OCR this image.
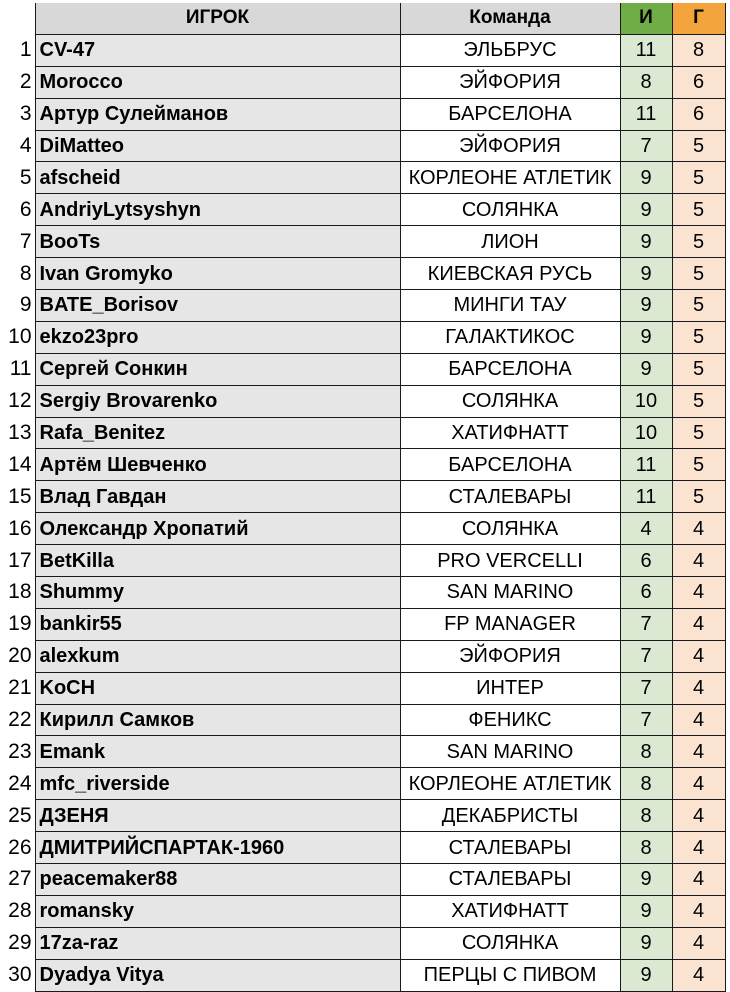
	ИГРОК	Команда	И	Г
1	CV-47	ЭЛЬБРУС	11	8
2	Morocco	ЭЙФОРИЯ	8	6
3	Артур Сулейманов	БАРСЕЛОНА	11	6
4	DiMatteo	ЭЙФОРИЯ	7	5
5	afscheid	КОРЛЕОНЕ АТЛЕТИК	9	5
6	AndriyLytsyshyn	СОЛЯНКА	9	5
7	BooTs	ЛИОН	9	5
8	Ivan Gromyko	КИЕВСКАЯ РУСЬ	9	5
9	BATE_Borisov	МИНГИ ТАУ	9	5
10	ekzo23pro	ГАЛАКТИКОС	9	5
11	Сергей Сонкин	БАРСЕЛОНА	9	5
12	Sergiy Brovarenko	СОЛЯНКА	10	5
13	Rafa_Benitez	ХАТИФНАТТ	10	5
14	Артём Шевченко	БАРСЕЛОНА	11	5
15	Влад Гавдан	СТАЛЕВАРЫ	11	5
16	Олександр Хропатий	СОЛЯНКА	4	4
17	BetKilla	PRO VERCELLI	6	4
18	Shummy	SAN MARINO	6	4
19	bankir55	FP MANAGER	7	4
20	alexkum	ЭЙФОРИЯ	7	4
21	KoCH	ИНТЕР	7	4
22	Кирилл Самков	ФЕНИКС	7	4
23	Emank	SAN MARINO	8	4
24	mfc_riverside	КОРЛЕОНЕ АТЛЕТИК	8	4
25	ДЗЕНЯ	ДЕКАБРИСТЫ	8	4
26	ДМИТРИЙСПАРТАК-1960	СТАЛЕВАРЫ	8	4
27	peacemaker88	СТАЛЕВАРЫ	9	4
28	romansky	ХАТИФНАТТ	9	4
29	17za-raz	СОЛЯНКА	9	4
30	Dyadya Vitya	ПЕРЦЫ С ПИВОМ	9	4
